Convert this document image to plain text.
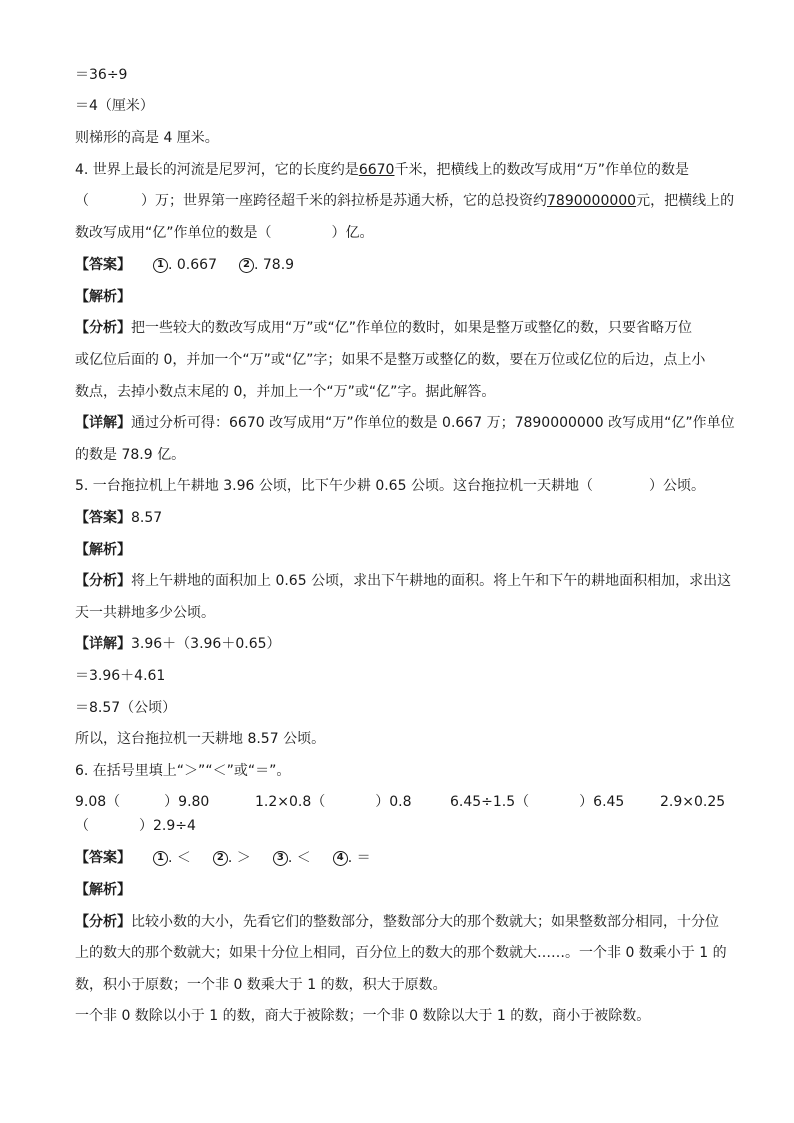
＝36÷9
＝4（厘米）
则梯形的高是 4 厘米。
4. 世界上最长的河流是尼罗河，它的长度约是6670千米，把横线上的数改写成用“万”作单位的数是
（	）万；世界第一座跨径超千米的斜拉桥是苏通大桥，它的总投资约7890000000元，把横线上的
数改写成用“亿”作单位的数是（	）亿。
【答案】	1 . 0.667	2 . 78.9
【解析】
【分析】把一些较大的数改写成用“万”或“亿”作单位的数时，如果是整万或整亿的数，只要省略万位
或亿位后面的 0，并加一个“万”或“亿”字；如果不是整万或整亿的数，要在万位或亿位的后边，点上小
数点，去掉小数点末尾的 0，并加上一个“万”或“亿”字。据此解答。
【详解】通过分析可得：6670 改写成用“万”作单位的数是 0.667 万；7890000000 改写成用“亿”作单位
的数是 78.9 亿。
5. 一台拖拉机上午耕地 3.96 公顷，比下午少耕 0.65 公顷。这台拖拉机一天耕地（	）公顷。
【答案】8.57
【解析】
【分析】将上午耕地的面积加上 0.65 公顷，求出下午耕地的面积。将上午和下午的耕地面积相加，求出这
天一共耕地多少公顷。
【详解】3.96＋（3.96＋0.65）
＝3.96＋4.61
＝8.57（公顷）
所以，这台拖拉机一天耕地 8.57 公顷。
6. 在括号里填上“＞”“＜”或“＝”。
9.08（	）9.80	1.2×0.8（	）0.8	6.45÷1.5（	）6.45	2.9×0.25
（	）2.9÷4
【答案】	1 . ＜	2 . ＞	3 . ＜	4 . ＝
【解析】
【分析】比较小数的大小，先看它们的整数部分，整数部分大的那个数就大；如果整数部分相同，十分位
上的数大的那个数就大；如果十分位上相同，百分位上的数大的那个数就大……。一个非 0 数乘小于 1 的
数，积小于原数；一个非 0 数乘大于 1 的数，积大于原数。
一个非 0 数除以小于 1 的数，商大于被除数；一个非 0 数除以大于 1 的数，商小于被除数。
